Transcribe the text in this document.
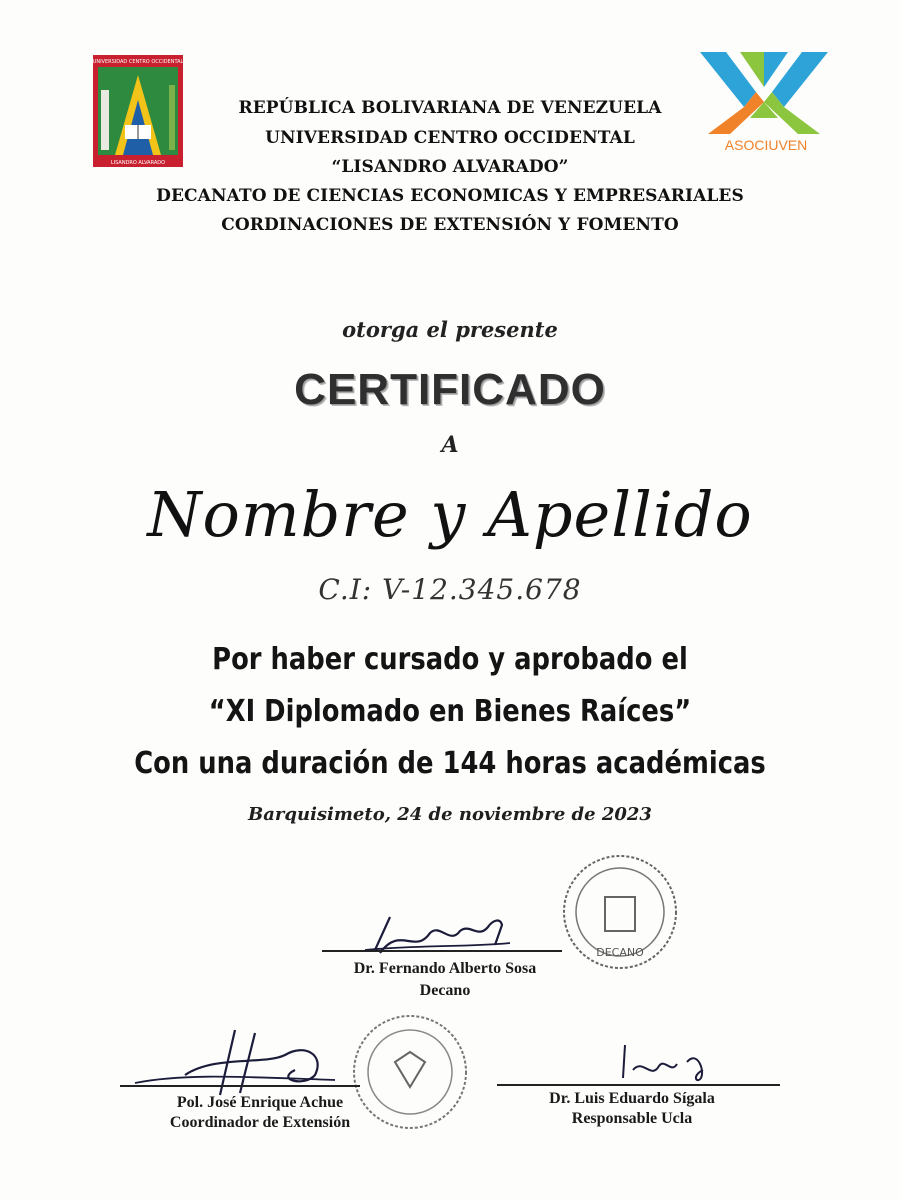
UNIVERSIDAD CENTRO OCCIDENTAL
LISANDRO ALVARADO
ASOCIUVEN
REPÚBLICA BOLIVARIANA DE VENEZUELA
UNIVERSIDAD CENTRO OCCIDENTAL
“LISANDRO ALVARADO”
DECANATO DE CIENCIAS ECONOMICAS Y EMPRESARIALES
CORDINACIONES DE EXTENSIÓN Y FOMENTO
otorga el presente
CERTIFICADO
A
Nombre y Apellido
C.I: V-12.345.678
Por haber cursado y aprobado el
“XI Diplomado en Bienes Raíces”
Con una duración de 144 horas académicas
Barquisimeto, 24 de noviembre de 2023
DECANO
Dr. Fernando Alberto Sosa
Decano
Pol. José Enrique Achue
Coordinador de Extensión
Dr. Luis Eduardo Sígala
Responsable Ucla
